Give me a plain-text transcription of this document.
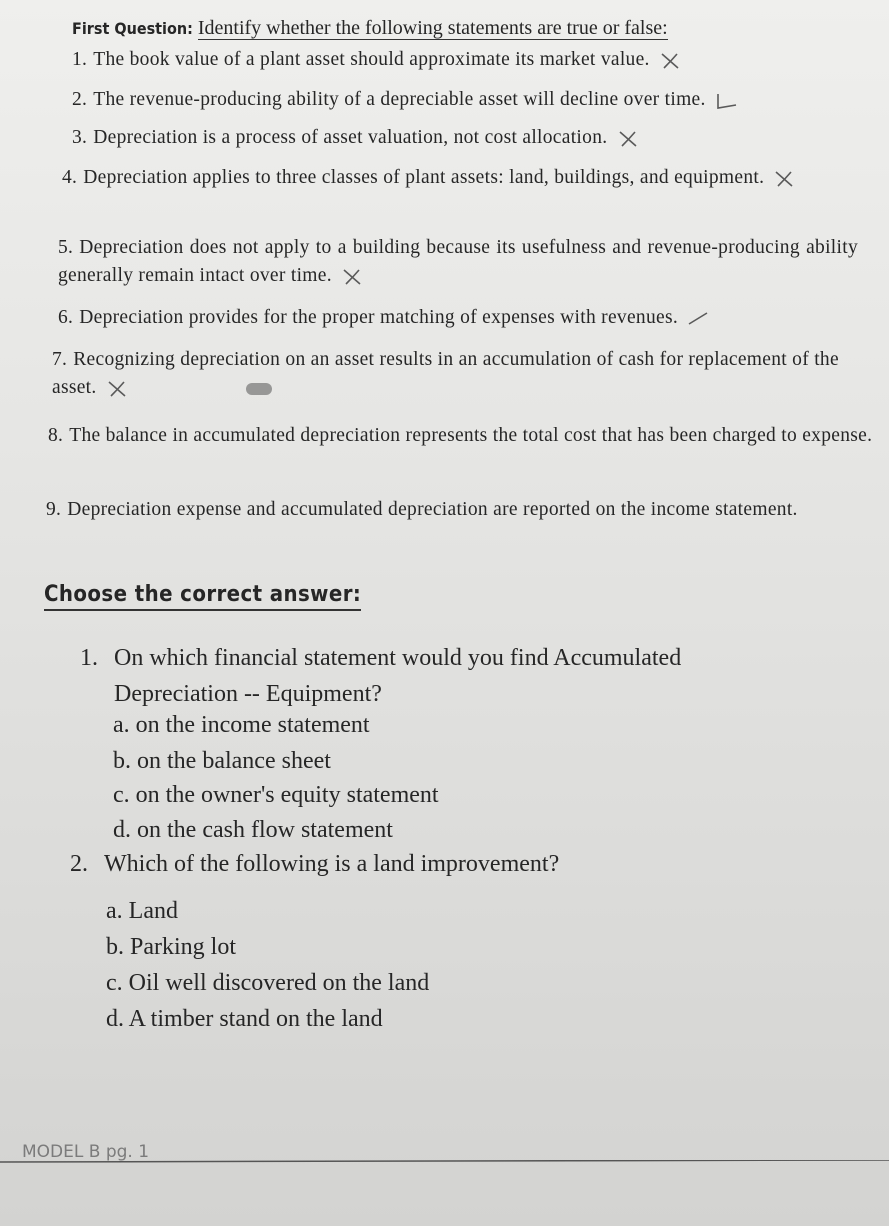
First Question: Identify whether the following statements are true or false:
1. The book value of a plant asset should approximate its market value.
2. The revenue-producing ability of a depreciable asset will decline over time.
3. Depreciation is a process of asset valuation, not cost allocation.
4. Depreciation applies to three classes of plant assets: land, buildings, and equipment.
5. Depreciation does not apply to a building because its usefulness and revenue-producing ability generally remain intact over time.
6. Depreciation provides for the proper matching of expenses with revenues.
7. Recognizing depreciation on an asset results in an accumulation of cash for replacement of the asset.
8. The balance in accumulated depreciation represents the total cost that has been charged to expense.
9. Depreciation expense and accumulated depreciation are reported on the income statement.
Choose the correct answer:
1. On which financial statement would you find Accumulated
Depreciation -- Equipment?
a. on the income statement
b. on the balance sheet
c. on the owner's equity statement
d. on the cash flow statement
2. Which of the following is a land improvement?
a. Land
b. Parking lot
c. Oil well discovered on the land
d. A timber stand on the land
MODEL B pg. 1
